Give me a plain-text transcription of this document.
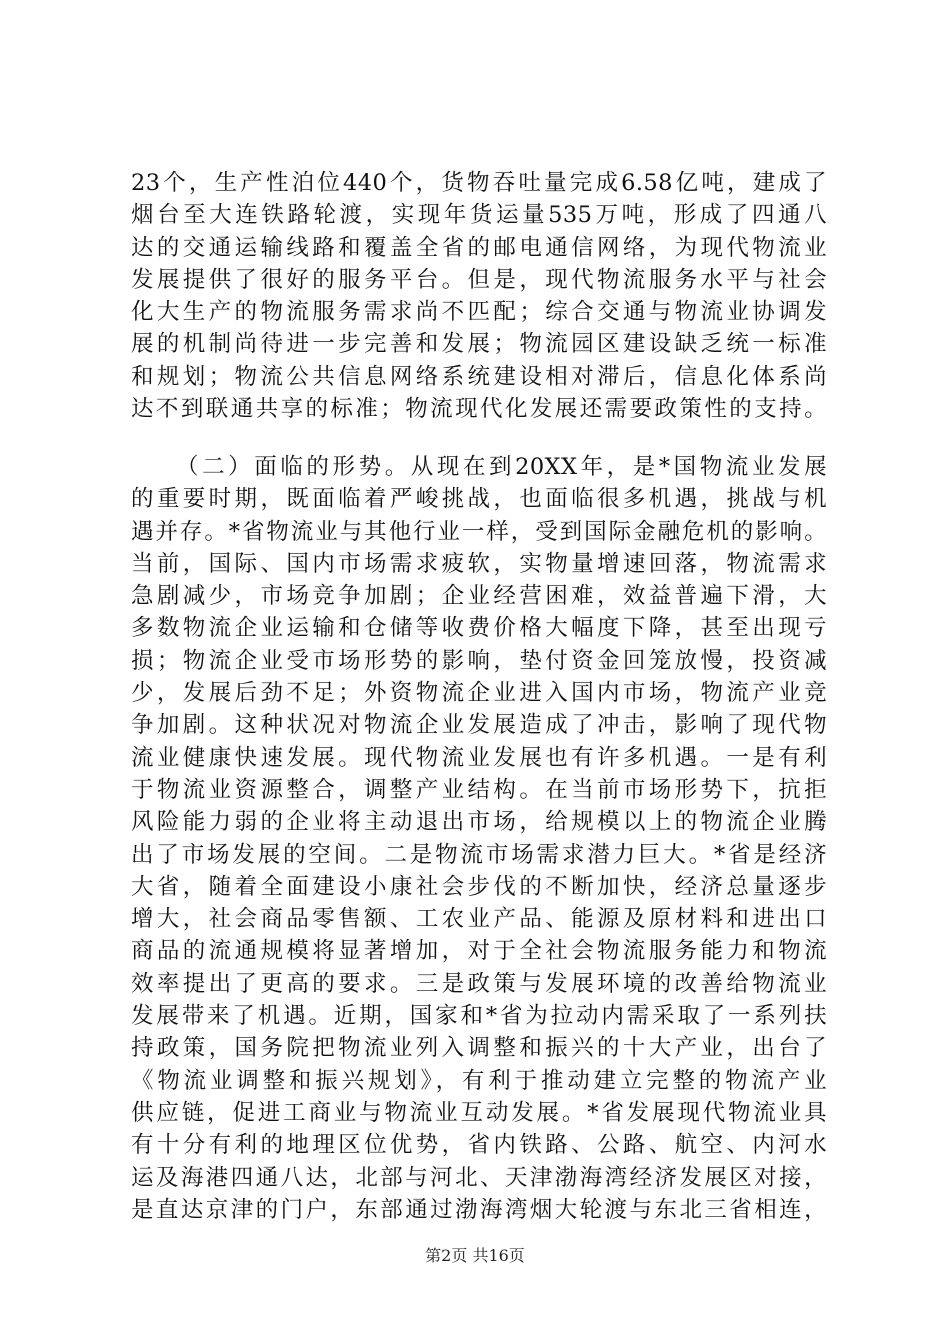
23个，生产性泊位440个，货物吞吐量完成6.58亿吨，建成了
烟台至大连铁路轮渡，实现年货运量535万吨，形成了四通八
达的交通运输线路和覆盖全省的邮电通信网络，为现代物流业
发展提供了很好的服务平台。但是，现代物流服务水平与社会
化大生产的物流服务需求尚不匹配；综合交通与物流业协调发
展的机制尚待进一步完善和发展；物流园区建设缺乏统一标准
和规划；物流公共信息网络系统建设相对滞后，信息化体系尚
达不到联通共享的标准；物流现代化发展还需要政策性的支持。
（二）面临的形势。从现在到20XX年，是*国物流业发展
的重要时期，既面临着严峻挑战，也面临很多机遇，挑战与机
遇并存。*省物流业与其他行业一样，受到国际金融危机的影响。
当前，国际、国内市场需求疲软，实物量增速回落，物流需求
急剧减少，市场竞争加剧；企业经营困难，效益普遍下滑，大
多数物流企业运输和仓储等收费价格大幅度下降，甚至出现亏
损；物流企业受市场形势的影响，垫付资金回笼放慢，投资减
少，发展后劲不足；外资物流企业进入国内市场，物流产业竞
争加剧。这种状况对物流企业发展造成了冲击，影响了现代物
流业健康快速发展。现代物流业发展也有许多机遇。一是有利
于物流业资源整合，调整产业结构。在当前市场形势下，抗拒
风险能力弱的企业将主动退出市场，给规模以上的物流企业腾
出了市场发展的空间。二是物流市场需求潜力巨大。*省是经济
大省，随着全面建设小康社会步伐的不断加快，经济总量逐步
增大，社会商品零售额、工农业产品、能源及原材料和进出口
商品的流通规模将显著增加，对于全社会物流服务能力和物流
效率提出了更高的要求。三是政策与发展环境的改善给物流业
发展带来了机遇。近期，国家和*省为拉动内需采取了一系列扶
持政策，国务院把物流业列入调整和振兴的十大产业，出台了
《物流业调整和振兴规划》，有利于推动建立完整的物流产业
供应链，促进工商业与物流业互动发展。*省发展现代物流业具
有十分有利的地理区位优势，省内铁路、公路、航空、内河水
运及海港四通八达，北部与河北、天津渤海湾经济发展区对接，
是直达京津的门户，东部通过渤海湾烟大轮渡与东北三省相连，

第2页 共16页
